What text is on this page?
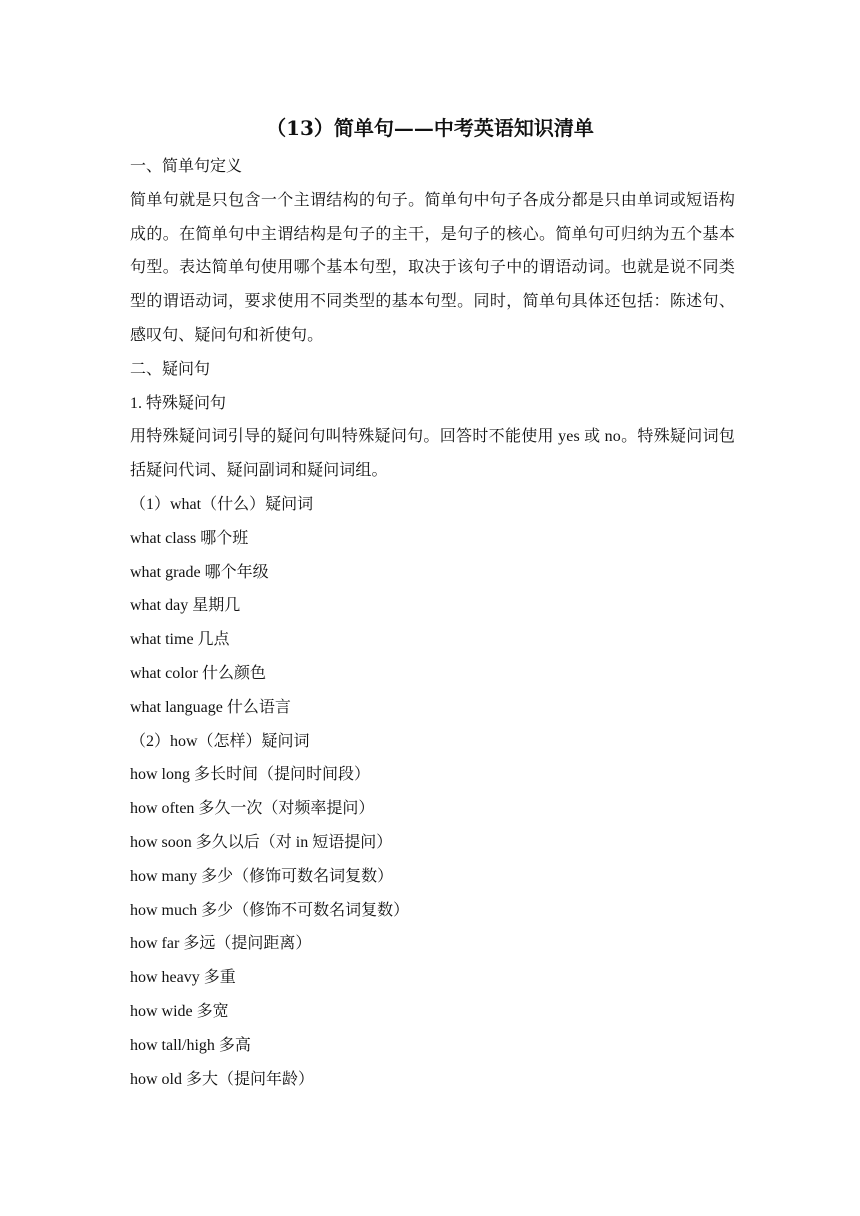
（13）简单句——中考英语知识清单
一、简单句定义
简单句就是只包含一个主谓结构的句子。简单句中句子各成分都是只由单词或短语构成的。在简单句中主谓结构是句子的主干，是句子的核心。简单句可归纳为五个基本句型。表达简单句使用哪个基本句型，取决于该句子中的谓语动词。也就是说不同类型的谓语动词，要求使用不同类型的基本句型。同时，简单句具体还包括：陈述句、感叹句、疑问句和祈使句。
二、疑问句
1. 特殊疑问句
用特殊疑问词引导的疑问句叫特殊疑问句。回答时不能使用 yes 或 no。特殊疑问词包括疑问代词、疑问副词和疑问词组。
（1）what（什么）疑问词
what class 哪个班
what grade 哪个年级
what day 星期几
what time 几点
what color 什么颜色
what language 什么语言
（2）how（怎样）疑问词
how long 多长时间（提问时间段）
how often 多久一次（对频率提问）
how soon 多久以后（对 in 短语提问）
how many 多少（修饰可数名词复数）
how much 多少（修饰不可数名词复数）
how far 多远（提问距离）
how heavy 多重
how wide 多宽
how tall/high 多高
how old 多大（提问年龄）
